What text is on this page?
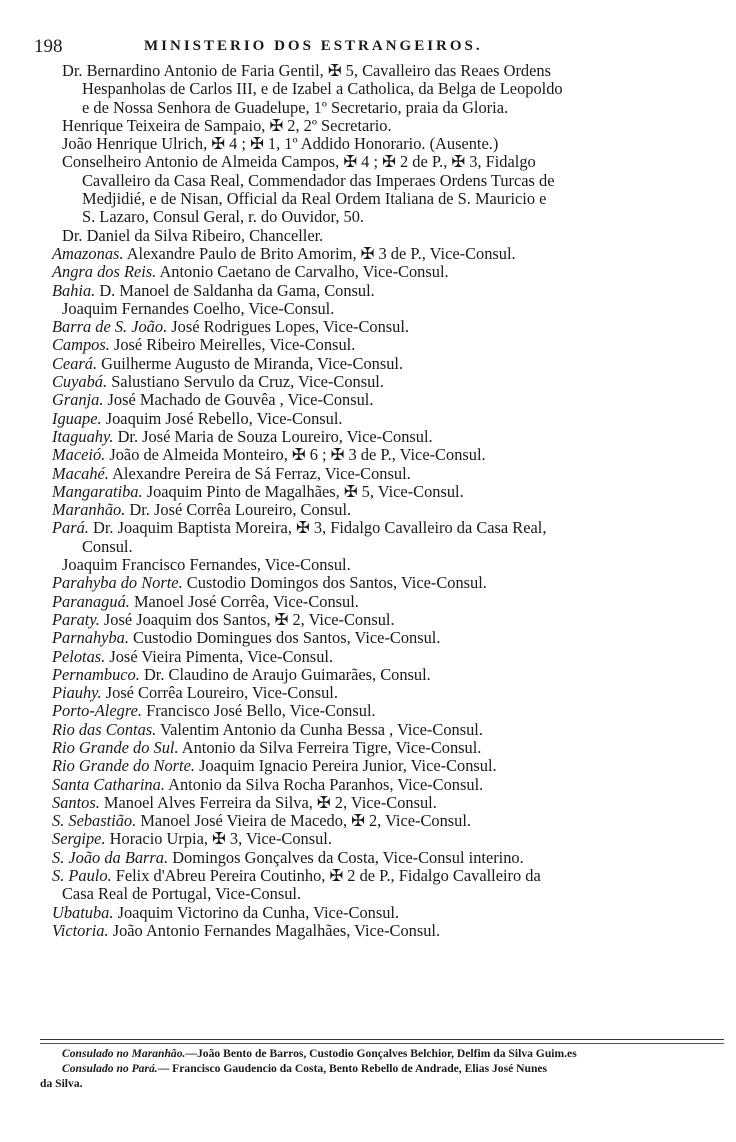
198	MINISTERIO DOS ESTRANGEIROS.
Dr. Bernardino Antonio de Faria Gentil, ✠ 5, Cavalleiro das Reaes Ordens
Hespanholas de Carlos III, e de Izabel a Catholica, da Belga de Leopoldo
e de Nossa Senhora de Guadelupe, 1º Secretario, praia da Gloria.
Henrique Teixeira de Sampaio, ✠ 2, 2º Secretario.
João Henrique Ulrich, ✠ 4 ; ✠ 1, 1º Addido Honorario. (Ausente.)
Conselheiro Antonio de Almeida Campos, ✠ 4 ; ✠ 2 de P., ✠ 3, Fidalgo
Cavalleiro da Casa Real, Commendador das Imperaes Ordens Turcas de
Medjidié, e de Nisan, Official da Real Ordem Italiana de S. Mauricio e
S. Lazaro, Consul Geral, r. do Ouvidor, 50.
Dr. Daniel da Silva Ribeiro, Chanceller.
Amazonas. Alexandre Paulo de Brito Amorim, ✠ 3 de P., Vice-Consul.
Angra dos Reis. Antonio Caetano de Carvalho, Vice-Consul.
Bahia. D. Manoel de Saldanha da Gama, Consul.
Joaquim Fernandes Coelho, Vice-Consul.
Barra de S. João. José Rodrigues Lopes, Vice-Consul.
Campos. José Ribeiro Meirelles, Vice-Consul.
Ceará. Guilherme Augusto de Miranda, Vice-Consul.
Cuyabá. Salustiano Servulo da Cruz, Vice-Consul.
Granja. José Machado de Gouvêa , Vice-Consul.
Iguape. Joaquim José Rebello, Vice-Consul.
Itaguahy. Dr. José Maria de Souza Loureiro, Vice-Consul.
Maceió. João de Almeida Monteiro, ✠ 6 ; ✠ 3 de P., Vice-Consul.
Macahé. Alexandre Pereira de Sá Ferraz, Vice-Consul.
Mangaratiba. Joaquim Pinto de Magalhães, ✠ 5, Vice-Consul.
Maranhão. Dr. José Corrêa Loureiro, Consul.
Pará. Dr. Joaquim Baptista Moreira, ✠ 3, Fidalgo Cavalleiro da Casa Real,
Consul.
Joaquim Francisco Fernandes, Vice-Consul.
Parahyba do Norte. Custodio Domingos dos Santos, Vice-Consul.
Paranaguá. Manoel José Corrêa, Vice-Consul.
Paraty. José Joaquim dos Santos, ✠ 2, Vice-Consul.
Parnahyba. Custodio Domingues dos Santos, Vice-Consul.
Pelotas. José Vieira Pimenta, Vice-Consul.
Pernambuco. Dr. Claudino de Araujo Guimarães, Consul.
Piauhy. José Corrêa Loureiro, Vice-Consul.
Porto-Alegre. Francisco José Bello, Vice-Consul.
Rio das Contas. Valentim Antonio da Cunha Bessa , Vice-Consul.
Rio Grande do Sul. Antonio da Silva Ferreira Tigre, Vice-Consul.
Rio Grande do Norte. Joaquim Ignacio Pereira Junior, Vice-Consul.
Santa Catharina. Antonio da Silva Rocha Paranhos, Vice-Consul.
Santos. Manoel Alves Ferreira da Silva, ✠ 2, Vice-Consul.
S. Sebastião. Manoel José Vieira de Macedo, ✠ 2, Vice-Consul.
Sergipe. Horacio Urpia, ✠ 3, Vice-Consul.
S. João da Barra. Domingos Gonçalves da Costa, Vice-Consul interino.
S. Paulo. Felix d'Abreu Pereira Coutinho, ✠ 2 de P., Fidalgo Cavalleiro da
Casa Real de Portugal, Vice-Consul.
Ubatuba. Joaquim Victorino da Cunha, Vice-Consul.
Victoria. João Antonio Fernandes Magalhães, Vice-Consul.
Consulado no Maranhão.—João Bento de Barros, Custodio Gonçalves Belchior, Delfim da Silva Guim.es
Consulado no Pará.— Francisco Gaudencio da Costa, Bento Rebello de Andrade, Elias José Nunes
da Silva.
